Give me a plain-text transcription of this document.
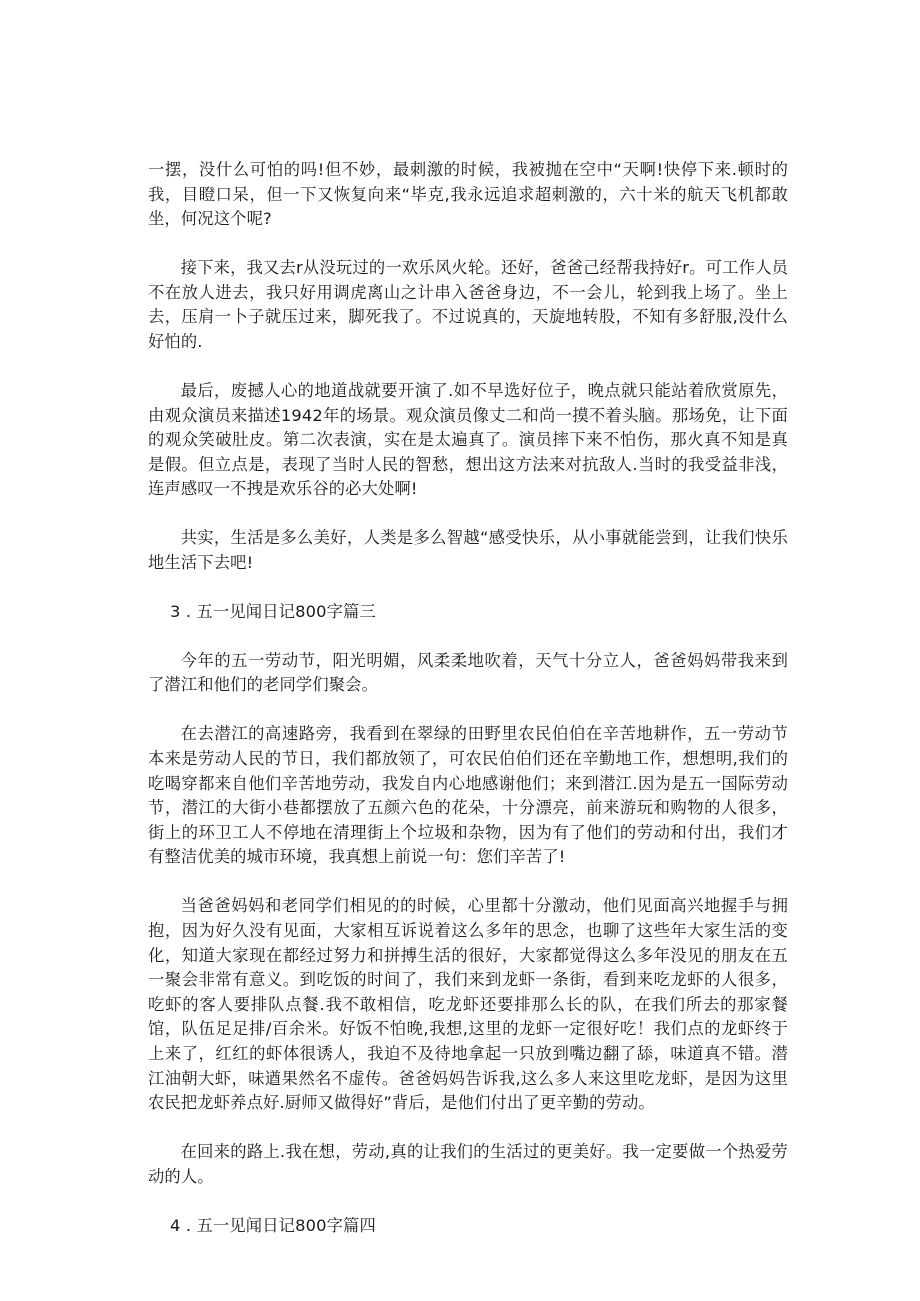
一摆，没什么可怕的吗!但不妙，最刺激的时候，我被抛在空中“天啊!快停下来.顿时的我，目瞪口呆，但一下又恢复向来“毕克,我永远追求超刺激的，六十米的航天飞机都敢坐，何况这个呢?

接下来，我又去r从没玩过的一欢乐风火轮。还好，爸爸己经帮我持好r。可工作人员不在放人进去，我只好用调虎离山之计串入爸爸身边，不一会儿，轮到我上场了。坐上去，压肩一卜子就压过来，脚死我了。不过说真的，天旋地转股，不知有多舒服,没什么好怕的.

最后，废撼人心的地道战就要开演了.如不早选好位子，晚点就只能站着欣赏原先，由观众演员来描述1942年的场景。观众演员像丈二和尚一摸不着头脑。那场免，让下面的观众笑破肚皮。第二次表演，实在是太遍真了。演员摔下来不怕伤，那火真不知是真是假。但立点是，表现了当时人民的智愁，想出这方法来对抗敌人.当时的我受益非浅，连声感叹一不拽是欢乐谷的必大处啊!

共实，生活是多么美好，人类是多么智越“感受快乐，从小事就能尝到，让我们快乐地生活下去吧!

3 . 五一见闻日记800字篇三

今年的五一劳动节，阳光明媚，风柔柔地吹着，天气十分立人，爸爸妈妈带我来到了潜江和他们的老同学们聚会。

在去潜江的高速路旁，我看到在翠绿的田野里农民伯伯在辛苦地耕作，五一劳动节本来是劳动人民的节日，我们都放领了，可农民伯伯们还在辛勤地工作，想想明,我们的吃喝穿都来自他们辛苦地劳动，我发自内心地感谢他们；来到潜江.因为是五一国际劳动节，潜江的大街小巷都摆放了五颜六色的花朵，十分漂亮，前来游玩和购物的人很多，街上的环卫工人不停地在清理街上个垃圾和杂物，因为有了他们的劳动和付出，我们才有整洁优美的城市环境，我真想上前说一句：您们辛苦了!

当爸爸妈妈和老同学们相见的的时候，心里都十分激动，他们见面高兴地握手与拥抱，因为好久没有见面，大家相互诉说着这么多年的思念，也聊了这些年大家生活的变化，知道大家现在都经过努力和拼搏生活的很好，大家都觉得这么多年没见的朋友在五一聚会非常有意义。到吃饭的时间了，我们来到龙虾一条街，看到来吃龙虾的人很多，吃虾的客人要排队点餐.我不敢相信，吃龙虾还要排那么长的队，在我们所去的那家餐馆，队伍足足排/百余米。好饭不怕晚,我想,这里的龙虾一定很好吃！我们点的龙虾终于上来了，红红的虾体很诱人，我迫不及待地拿起一只放到嘴边翻了舔，味道真不错。潜江油朝大虾，味遒果然名不虚传。爸爸妈妈告诉我,这么多人来这里吃龙虾，是因为这里农民把龙虾养点好.厨师又做得好”背后，是他们付出了更辛勤的劳动。

在回来的路上.我在想，劳动,真的让我们的生活过的更美好。我一定要做一个热爱劳动的人。

4 . 五一见闻日记800字篇四
